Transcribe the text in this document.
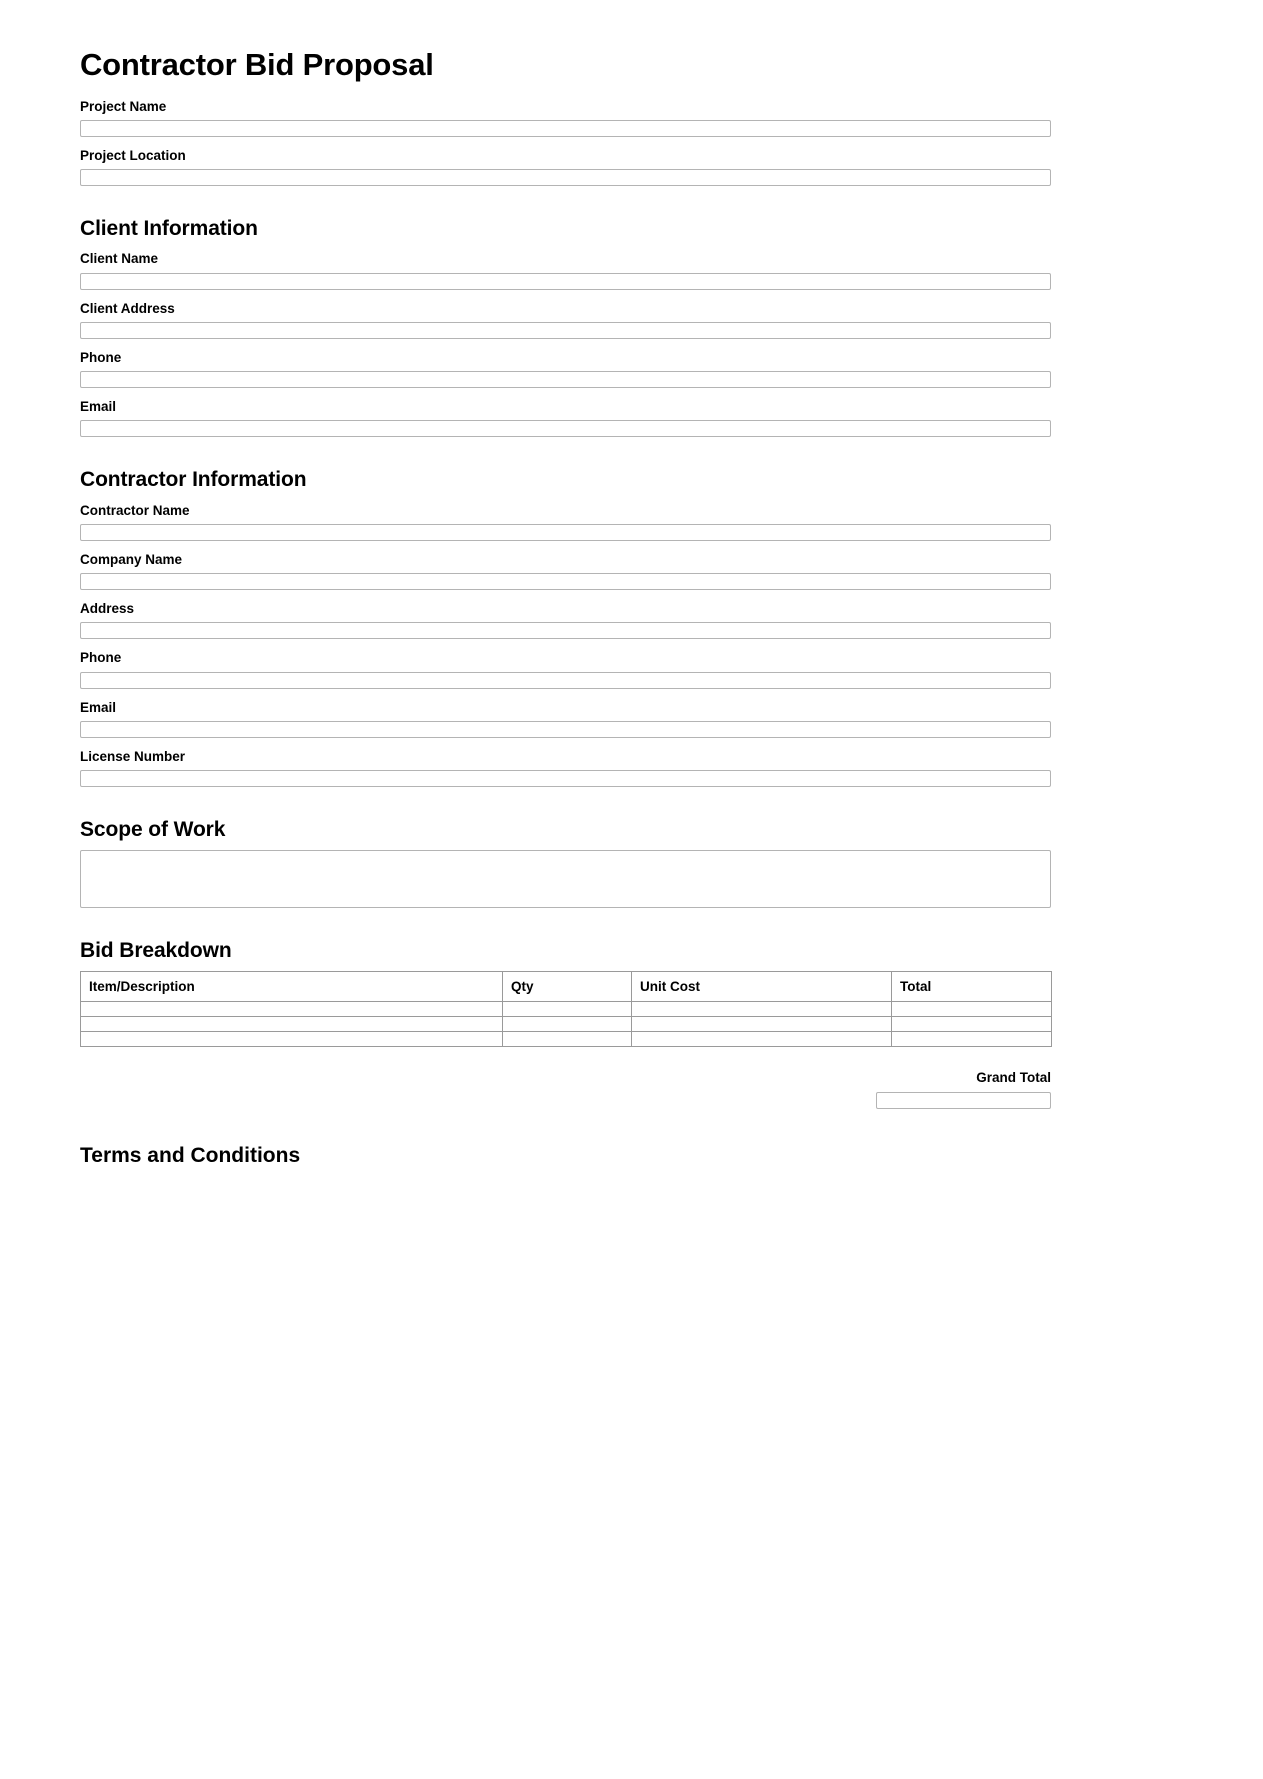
Contractor Bid Proposal
Project Name
Project Location
Client Information
Client Name
Client Address
Phone
Email
Contractor Information
Contractor Name
Company Name
Address
Phone
Email
License Number
Scope of Work
Bid Breakdown
Item/Description	Qty	Unit Cost	Total

Grand Total
Terms and Conditions
